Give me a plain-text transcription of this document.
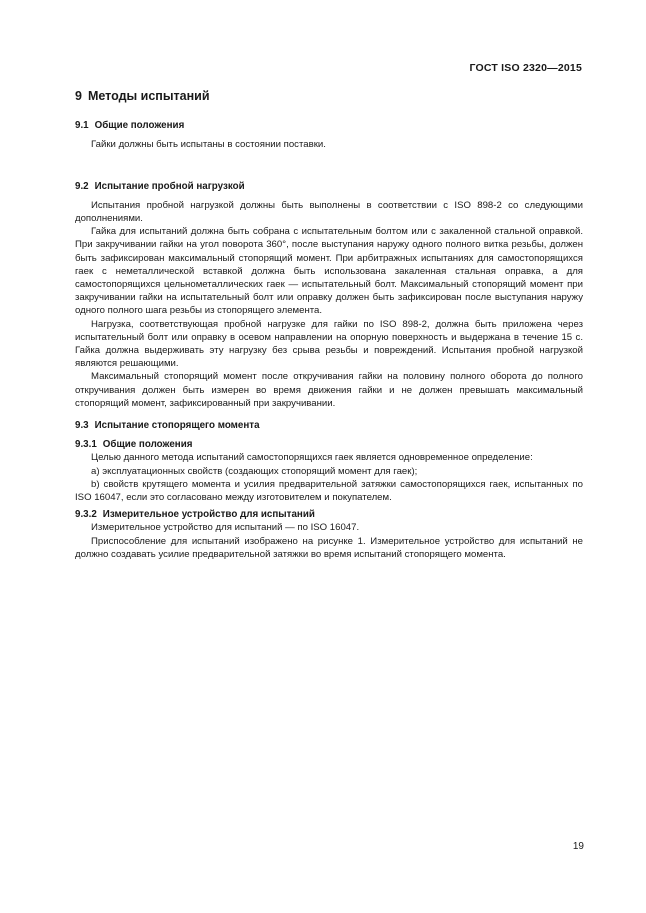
ГОСТ ISO 2320—2015
9 Методы испытаний
9.1 Общие положения

Гайки должны быть испытаны в состоянии поставки.

9.2 Испытание пробной нагрузкой

Испытания пробной нагрузкой должны быть выполнены в соответствии с ISO 898-2 со следующими дополнениями.

Гайка для испытаний должна быть собрана с испытательным болтом или с закаленной стальной оправкой. При закручивании гайки на угол поворота 360°, после выступания наружу одного полного витка резьбы, должен быть зафиксирован максимальный стопорящий момент. При арбитражных испытаниях для самостопорящихся гаек с неметаллической вставкой должна быть использована закаленная стальная оправка, а для самостопорящихся цельнометаллических гаек — испытательный болт. Максимальный стопорящий момент при закручивании гайки на испытательный болт или оправку должен быть зафиксирован после выступания наружу одного полного шага резьбы из стопорящего элемента.

Нагрузка, соответствующая пробной нагрузке для гайки по ISO 898-2, должна быть приложена через испытательный болт или оправку в осевом направлении на опорную поверхность и выдержана в течение 15 с. Гайка должна выдерживать эту нагрузку без срыва резьбы и повреждений. Испытания пробной нагрузкой являются решающими.

Максимальный стопорящий момент после откручивания гайки на половину полного оборота до полного откручивания должен быть измерен во время движения гайки и не должен превышать максимальный стопорящий момент, зафиксированный при закручивании.

9.3 Испытание стопорящего момента
9.3.1 Общие положения

Целью данного метода испытаний самостопорящихся гаек является одновременное определение:

а) эксплуатационных свойств (создающих стопорящий момент для гаек);

b) свойств крутящего момента и усилия предварительной затяжки самостопорящихся гаек, испытанных по ISO 16047, если это согласовано между изготовителем и покупателем.

9.3.2 Измерительное устройство для испытаний

Измерительное устройство для испытаний — по ISO 16047.

Приспособление для испытаний изображено на рисунке 1. Измерительное устройство для испытаний не должно создавать усилие предварительной затяжки во время испытаний стопорящего момента.

19
